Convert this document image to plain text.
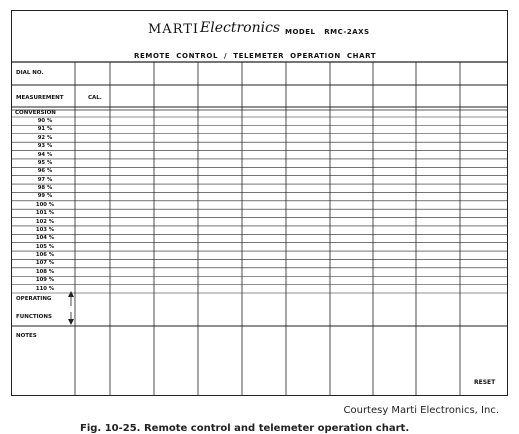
MARTI Electronics MODEL RMC-2AXS
REMOTE CONTROL / TELEMETER OPERATION CHART
DIAL NO.
MEASUREMENT	CAL.
CONVERSION
90 %
91 %
92 %
93 %
94 %
95 %
96 %
97 %
98 %
99 %
100 %
101 %
102 %
103 %
104 %
105 %
106 %
107 %
108 %
109 %
110 %
OPERATING
FUNCTIONS
NOTES
RESET
Courtesy Marti Electronics, Inc.
Fig. 10-25. Remote control and telemeter operation chart.
